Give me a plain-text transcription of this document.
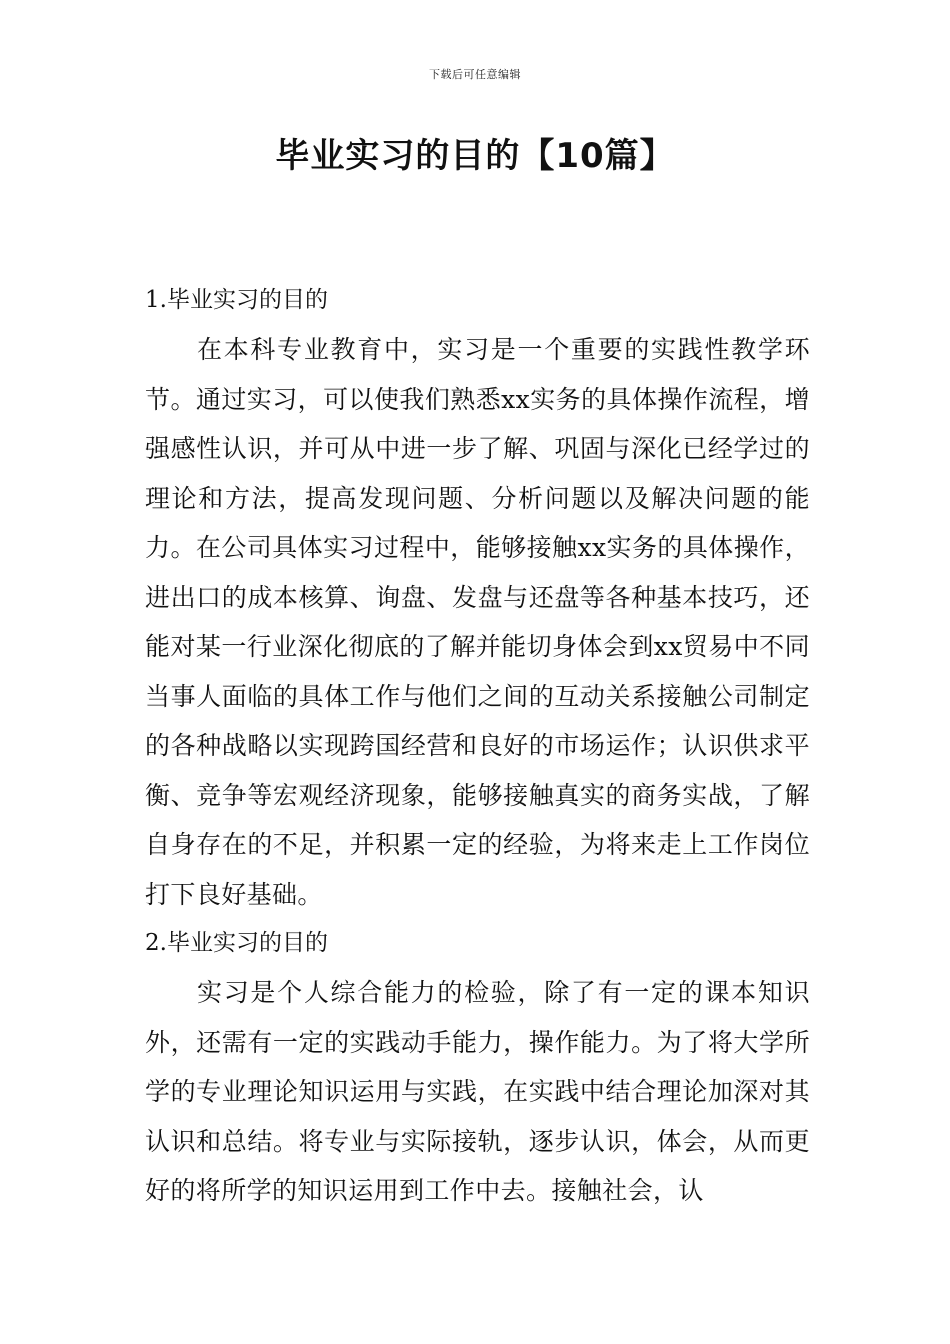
下载后可任意编辑
毕业实习的目的【10篇】
1.毕业实习的目的

在本科专业教育中，实习是一个重要的实践性教学环节。通过实习，可以使我们熟悉xx实务的具体操作流程，增强感性认识，并可从中进一步了解、巩固与深化已经学过的理论和方法，提高发现问题、分析问题以及解决问题的能力。在公司具体实习过程中，能够接触xx实务的具体操作，进出口的成本核算、询盘、发盘与还盘等各种基本技巧，还能对某一行业深化彻底的了解并能切身体会到xx贸易中不同当事人面临的具体工作与他们之间的互动关系接触公司制定的各种战略以实现跨国经营和良好的市场运作；认识供求平衡、竞争等宏观经济现象，能够接触真实的商务实战，了解自身存在的不足，并积累一定的经验，为将来走上工作岗位打下良好基础。

2.毕业实习的目的

实习是个人综合能力的检验，除了有一定的课本知识外，还需有一定的实践动手能力，操作能力。为了将大学所学的专业理论知识运用与实践，在实践中结合理论加深对其认识和总结。将专业与实际接轨，逐步认识，体会，从而更好的将所学的知识运用到工作中去。接触社会，认
